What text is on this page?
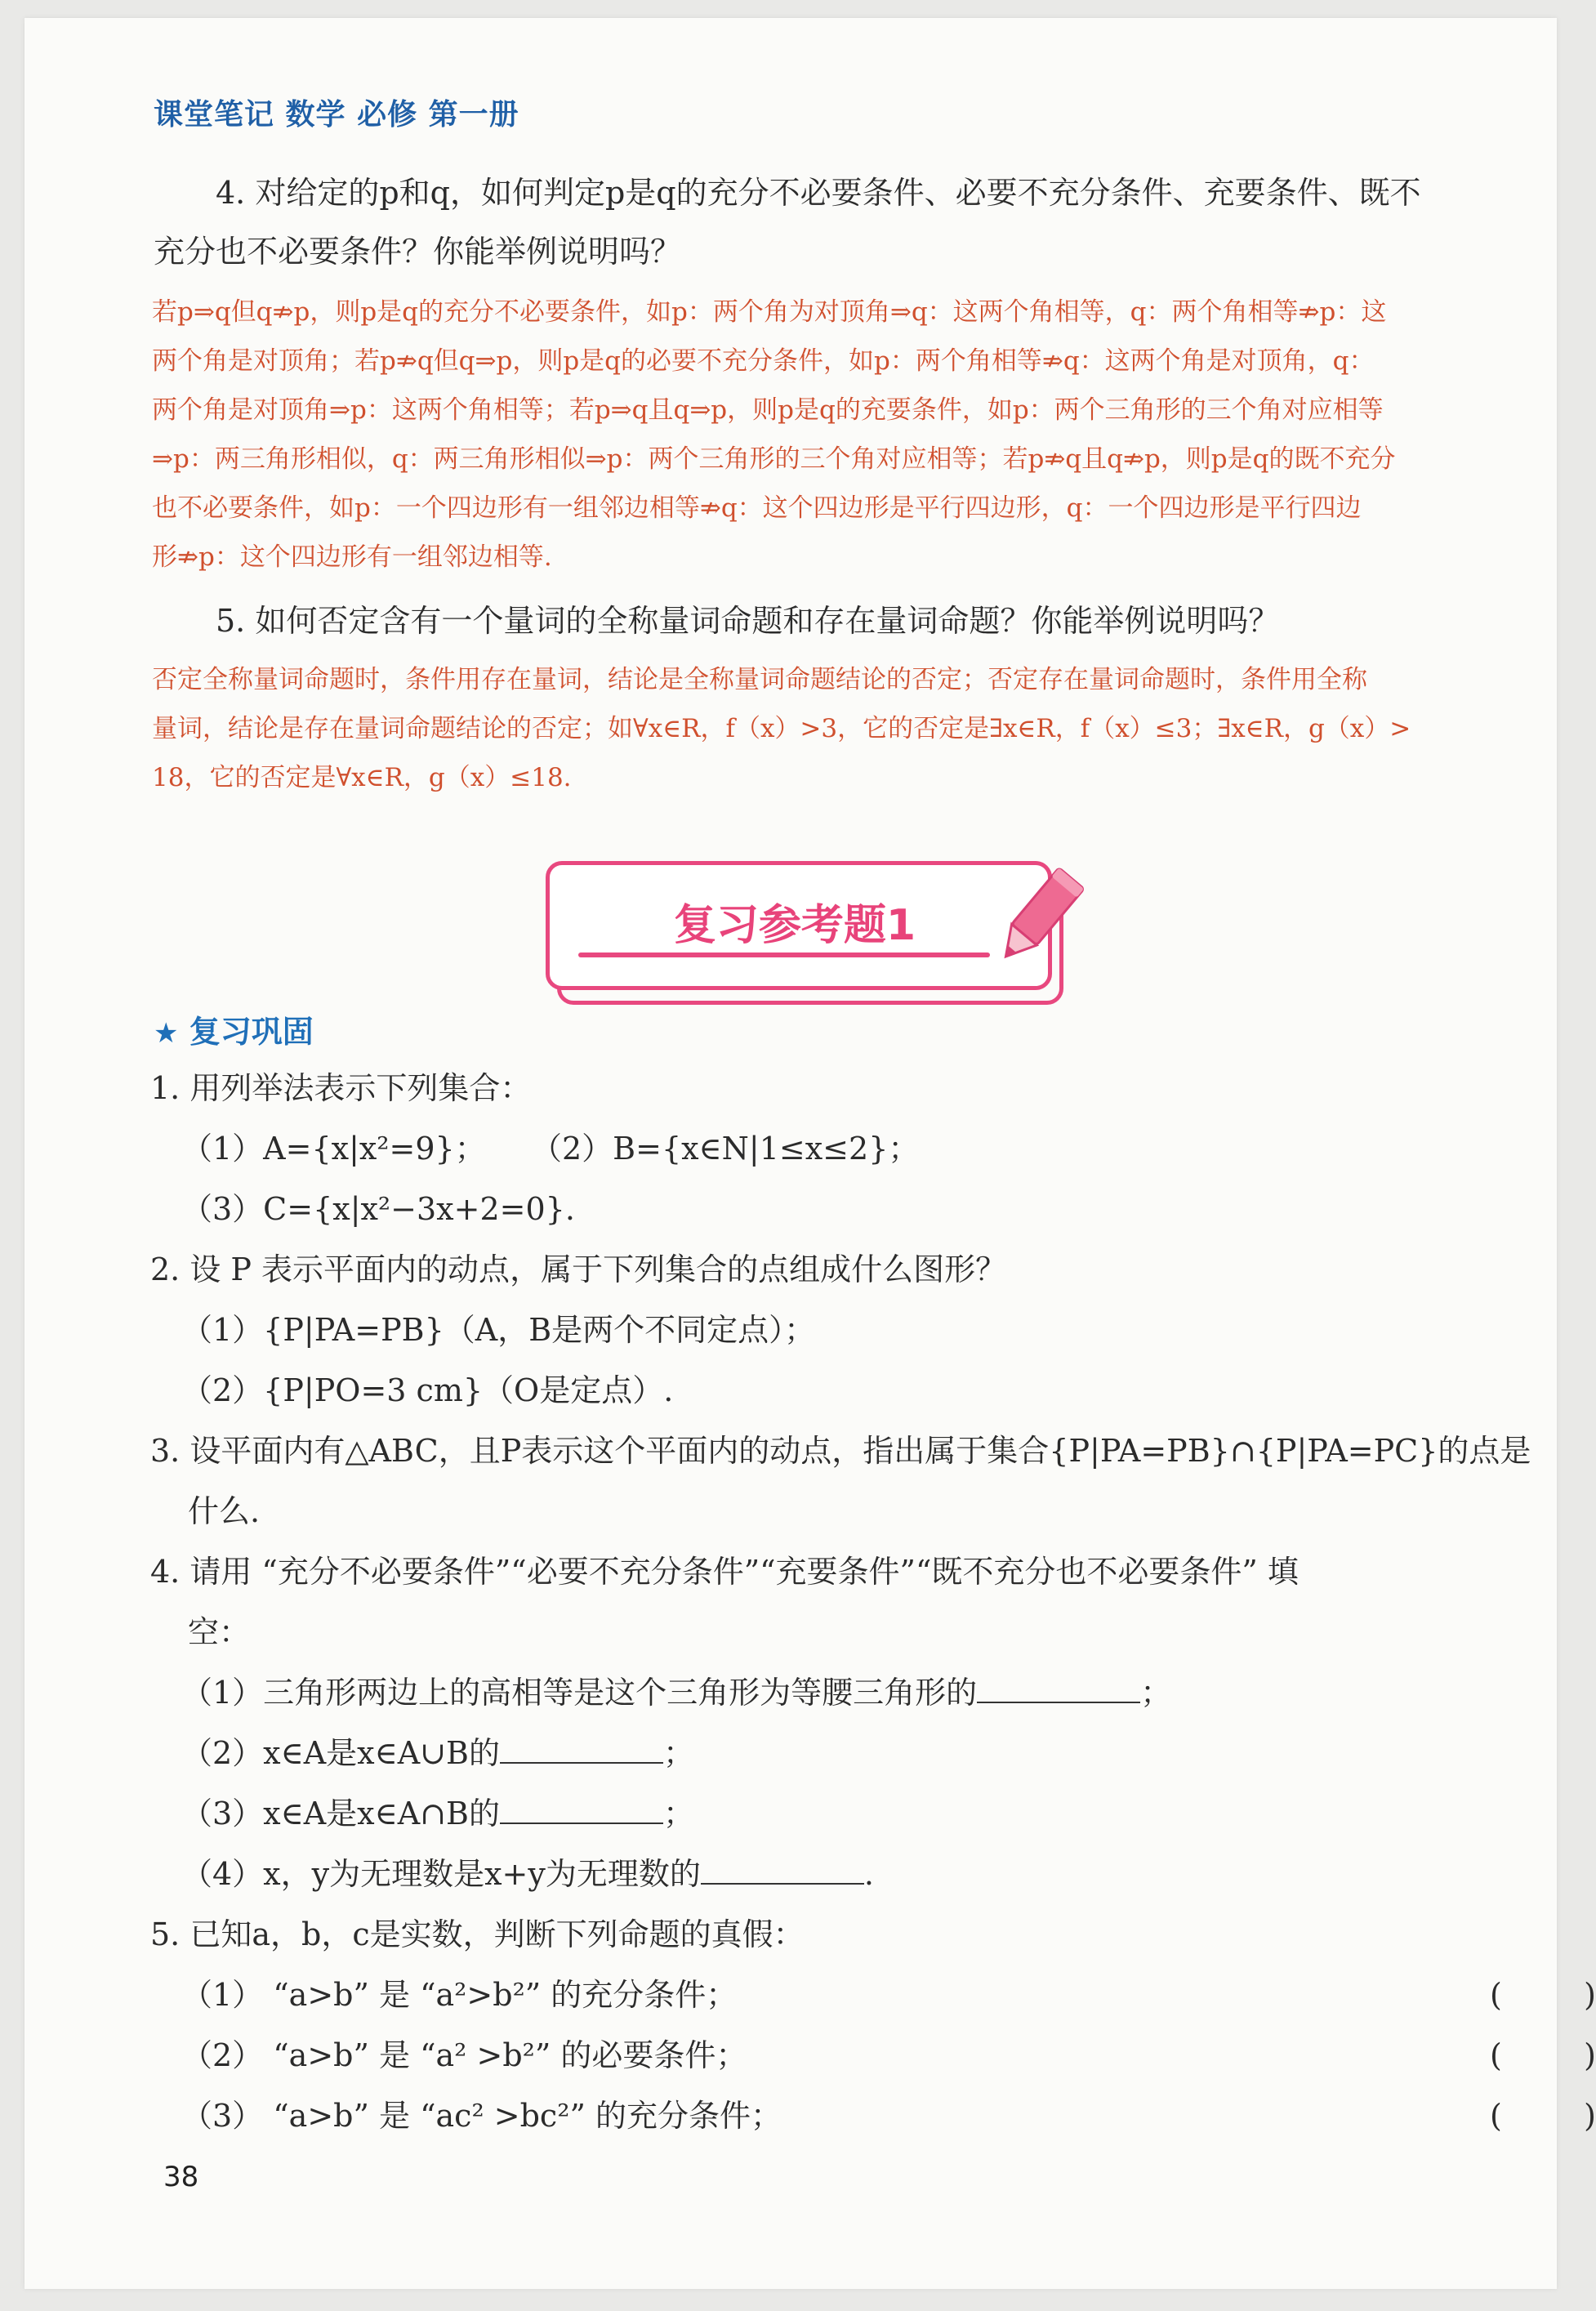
课堂笔记 数学 必修 第一册
4. 对给定的p和q，如何判定p是q的充分不必要条件、必要不充分条件、充要条件、既不
充分也不必要条件？你能举例说明吗？
若p⇒q但q⇏p，则p是q的充分不必要条件，如p：两个角为对顶角⇒q：这两个角相等，q：两个角相等⇏p：这
两个角是对顶角；若p⇏q但q⇒p，则p是q的必要不充分条件，如p：两个角相等⇏q：这两个角是对顶角，q：
两个角是对顶角⇒p：这两个角相等；若p⇒q且q⇒p，则p是q的充要条件，如p：两个三角形的三个角对应相等
⇒p：两三角形相似，q：两三角形相似⇒p：两个三角形的三个角对应相等；若p⇏q且q⇏p，则p是q的既不充分
也不必要条件，如p：一个四边形有一组邻边相等⇏q：这个四边形是平行四边形，q：一个四边形是平行四边
形⇏p：这个四边形有一组邻边相等.
5. 如何否定含有一个量词的全称量词命题和存在量词命题？你能举例说明吗？
否定全称量词命题时，条件用存在量词，结论是全称量词命题结论的否定；否定存在量词命题时，条件用全称
量词，结论是存在量词命题结论的否定；如∀x∈R，f（x）>3，它的否定是∃x∈R，f（x）≤3；∃x∈R，g（x）>
18，它的否定是∀x∈R，g（x）≤18.
复习参考题1
★ 复习巩固
1. 用列举法表示下列集合：
（1）A={x|x²=9}； （2）B={x∈N|1≤x≤2}；
（3）C={x|x²−3x+2=0}.
2. 设 P 表示平面内的动点，属于下列集合的点组成什么图形？
（1）{P|PA=PB}（A，B是两个不同定点）；
（2）{P|PO=3 cm}（O是定点）.
3. 设平面内有△ABC，且P表示这个平面内的动点，指出属于集合{P|PA=PB}∩{P|PA=PC}的点是
什么.
4. 请用 “充分不必要条件”“必要不充分条件”“充要条件”“既不充分也不必要条件” 填
空：
（1）三角形两边上的高相等是这个三角形为等腰三角形的	；
（2）x∈A是x∈A∪B的	；
（3）x∈A是x∈A∩B的	；
（4）x，y为无理数是x+y为无理数的	.
5. 已知a，b，c是实数，判断下列命题的真假：
（1） “a>b” 是 “a²>b²” 的充分条件；	(	)
（2） “a>b” 是 “a² >b²” 的必要条件；	(	)
（3） “a>b” 是 “ac² >bc²” 的充分条件；	(	)
38
